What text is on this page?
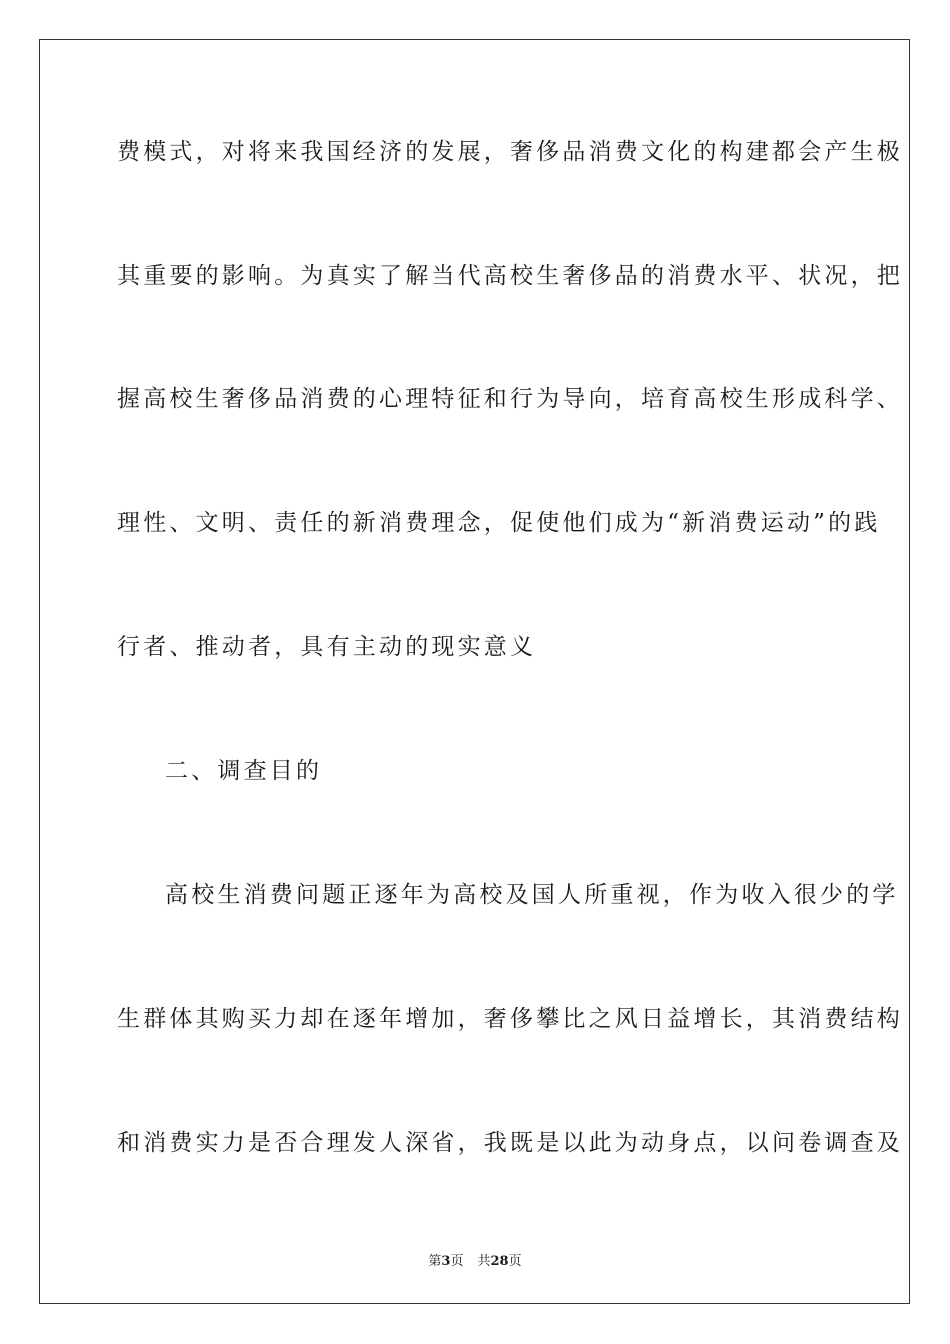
费模式，对将来我国经济的发展，奢侈品消费文化的构建都会产生极
其重要的影响。为真实了解当代高校生奢侈品的消费水平、状况，把
握高校生奢侈品消费的心理特征和行为导向，培育高校生形成科学、
理性、文明、责任的新消费理念，促使他们成为“新消费运动”的践
行者、推动者，具有主动的现实意义
二、调查目的
高校生消费问题正逐年为高校及国人所重视，作为收入很少的学
生群体其购买力却在逐年增加，奢侈攀比之风日益增长，其消费结构
和消费实力是否合理发人深省，我既是以此为动身点，以问卷调查及
第3页 共28页
